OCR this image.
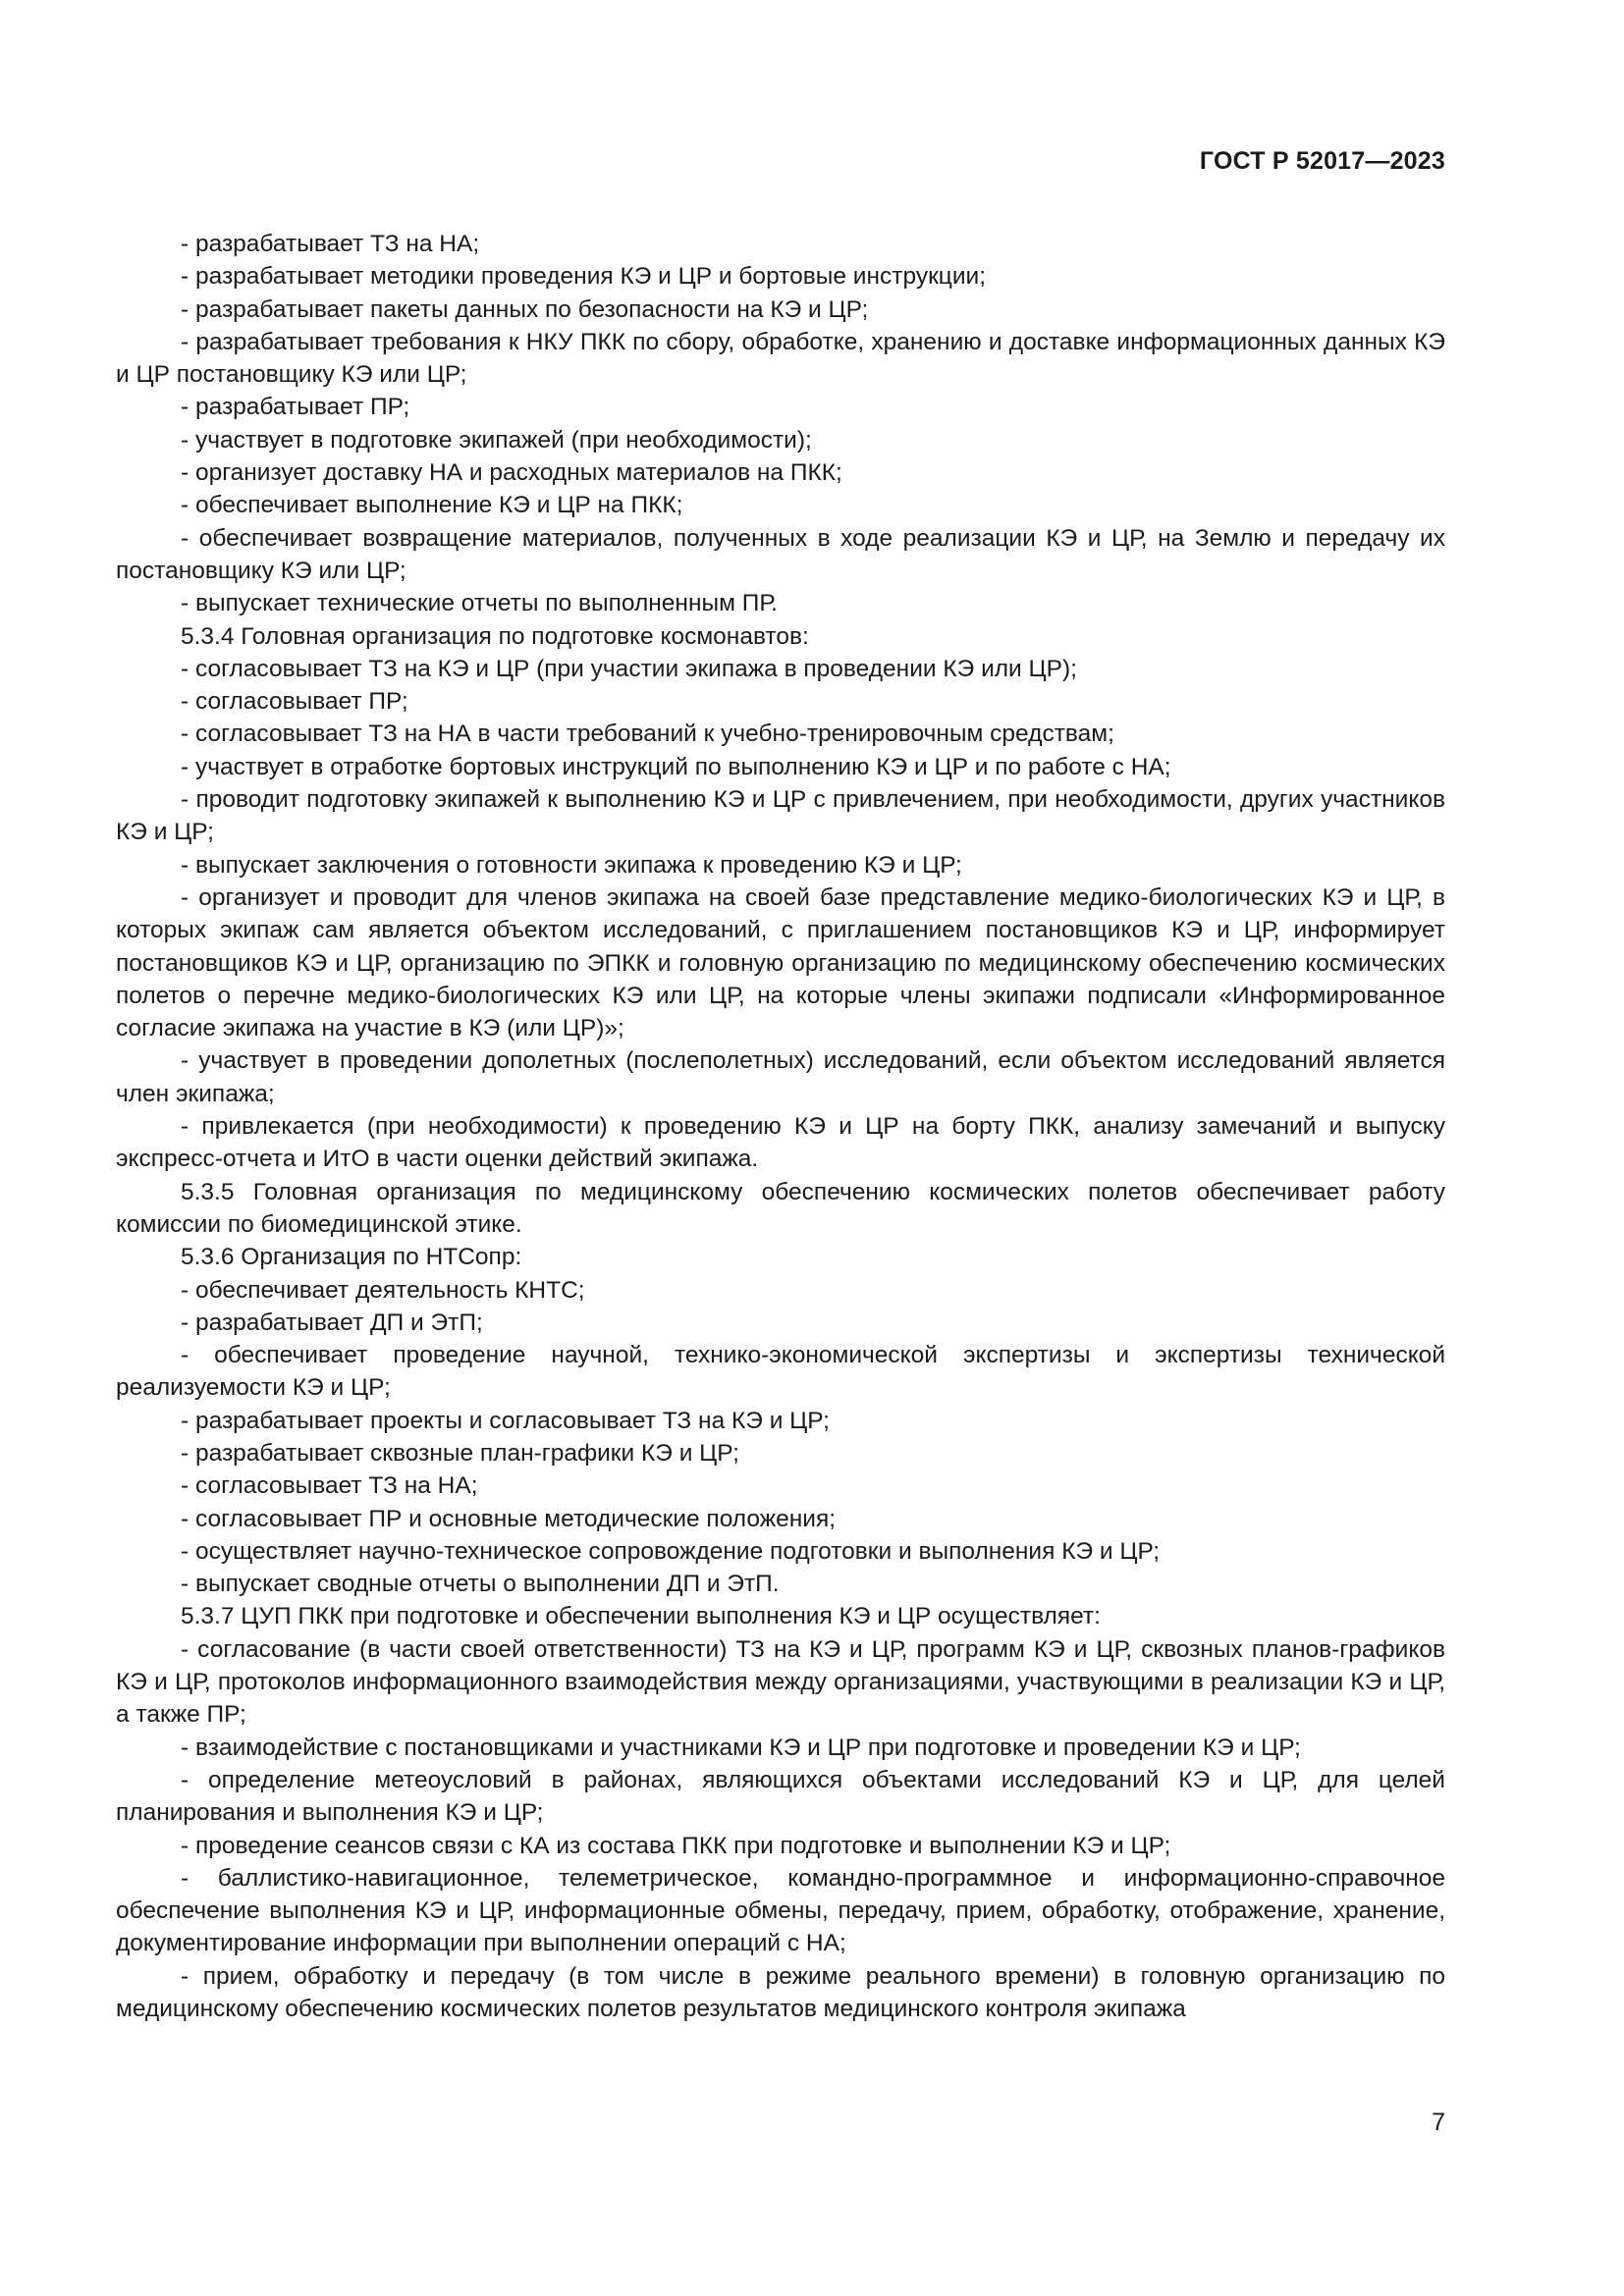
ГОСТ Р 52017—2023

- разрабатывает ТЗ на НА;

- разрабатывает методики проведения КЭ и ЦР и бортовые инструкции;

- разрабатывает пакеты данных по безопасности на КЭ и ЦР;

- разрабатывает требования к НКУ ПКК по сбору, обработке, хранению и доставке информационных данных КЭ и ЦР постановщику КЭ или ЦР;

- разрабатывает ПР;

- участвует в подготовке экипажей (при необходимости);

- организует доставку НА и расходных материалов на ПКК;

- обеспечивает выполнение КЭ и ЦР на ПКК;

- обеспечивает возвращение материалов, полученных в ходе реализации КЭ и ЦР, на Землю и передачу их постановщику КЭ или ЦР;

- выпускает технические отчеты по выполненным ПР.

5.3.4 Головная организация по подготовке космонавтов:

- согласовывает ТЗ на КЭ и ЦР (при участии экипажа в проведении КЭ или ЦР);

- согласовывает ПР;

- согласовывает ТЗ на НА в части требований к учебно-тренировочным средствам;

- участвует в отработке бортовых инструкций по выполнению КЭ и ЦР и по работе с НА;

- проводит подготовку экипажей к выполнению КЭ и ЦР с привлечением, при необходимости, других участников КЭ и ЦР;

- выпускает заключения о готовности экипажа к проведению КЭ и ЦР;

- организует и проводит для членов экипажа на своей базе представление медико-биологических КЭ и ЦР, в которых экипаж сам является объектом исследований, с приглашением постановщиков КЭ и ЦР, информирует постановщиков КЭ и ЦР, организацию по ЭПКК и головную организацию по медицинскому обеспечению космических полетов о перечне медико-биологических КЭ или ЦР, на которые члены экипажи подписали «Информированное согласие экипажа на участие в КЭ (или ЦР)»;

- участвует в проведении дополетных (послеполетных) исследований, если объектом исследований является член экипажа;

- привлекается (при необходимости) к проведению КЭ и ЦР на борту ПКК, анализу замечаний и выпуску экспресс-отчета и ИтО в части оценки действий экипажа.

5.3.5 Головная организация по медицинскому обеспечению космических полетов обеспечивает работу комиссии по биомедицинской этике.

5.3.6 Организация по НТСопр:

- обеспечивает деятельность КНТС;

- разрабатывает ДП и ЭтП;

- обеспечивает проведение научной, технико-экономической экспертизы и экспертизы технической реализуемости КЭ и ЦР;

- разрабатывает проекты и согласовывает ТЗ на КЭ и ЦР;

- разрабатывает сквозные план-графики КЭ и ЦР;

- согласовывает ТЗ на НА;

- согласовывает ПР и основные методические положения;

- осуществляет научно-техническое сопровождение подготовки и выполнения КЭ и ЦР;

- выпускает сводные отчеты о выполнении ДП и ЭтП.

5.3.7 ЦУП ПКК при подготовке и обеспечении выполнения КЭ и ЦР осуществляет:

- согласование (в части своей ответственности) ТЗ на КЭ и ЦР, программ КЭ и ЦР, сквозных планов-графиков КЭ и ЦР, протоколов информационного взаимодействия между организациями, участвующими в реализации КЭ и ЦР, а также ПР;

- взаимодействие с постановщиками и участниками КЭ и ЦР при подготовке и проведении КЭ и ЦР;

- определение метеоусловий в районах, являющихся объектами исследований КЭ и ЦР, для целей планирования и выполнения КЭ и ЦР;

- проведение сеансов связи с КА из состава ПКК при подготовке и выполнении КЭ и ЦР;

- баллистико-навигационное, телеметрическое, командно-программное и информационно-справочное обеспечение выполнения КЭ и ЦР, информационные обмены, передачу, прием, обработку, отображение, хранение, документирование информации при выполнении операций с НА;

- прием, обработку и передачу (в том числе в режиме реального времени) в головную организацию по медицинскому обеспечению космических полетов результатов медицинского контроля экипажа

7
